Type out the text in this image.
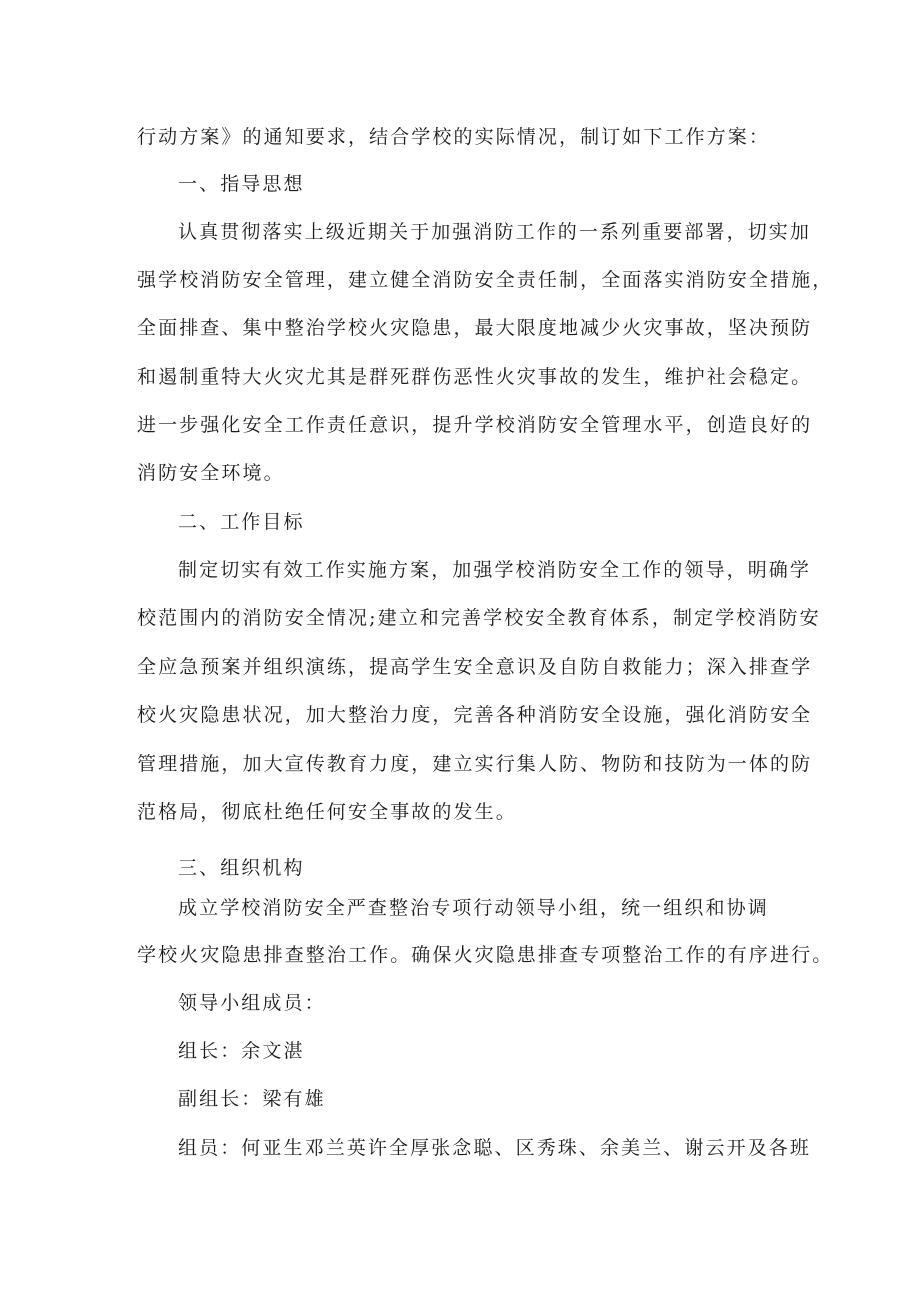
行动方案》的通知要求，结合学校的实际情况，制订如下工作方案：
一、指导思想
认真贯彻落实上级近期关于加强消防工作的一系列重要部署，切实加
强学校消防安全管理，建立健全消防安全责任制，全面落实消防安全措施，
全面排查、集中整治学校火灾隐患，最大限度地减少火灾事故，坚决预防
和遏制重特大火灾尤其是群死群伤恶性火灾事故的发生，维护社会稳定。
进一步强化安全工作责任意识，提升学校消防安全管理水平，创造良好的
消防安全环境。
二、工作目标
制定切实有效工作实施方案，加强学校消防安全工作的领导，明确学
校范围内的消防安全情况;建立和完善学校安全教育体系，制定学校消防安
全应急预案并组织演练，提高学生安全意识及自防自救能力；深入排查学
校火灾隐患状况，加大整治力度，完善各种消防安全设施，强化消防安全
管理措施，加大宣传教育力度，建立实行集人防、物防和技防为一体的防
范格局，彻底杜绝任何安全事故的发生。
三、组织机构
成立学校消防安全严查整治专项行动领导小组，统一组织和协调
学校火灾隐患排查整治工作。确保火灾隐患排查专项整治工作的有序进行。
领导小组成员：
组长：余文湛
副组长：梁有雄
组员：何亚生邓兰英许全厚张念聪、区秀珠、余美兰、谢云开及各班
